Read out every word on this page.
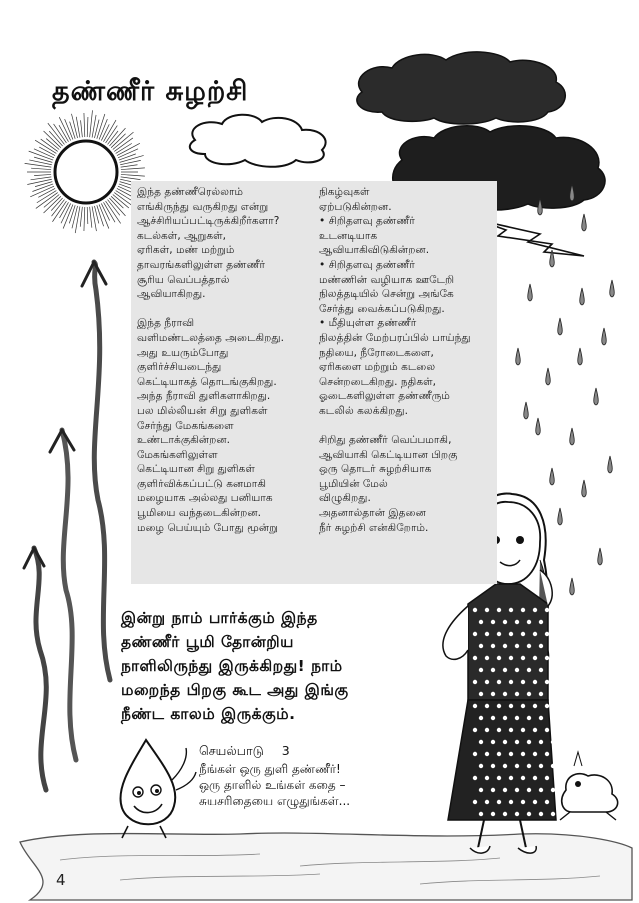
தண்ணீர் சுழற்சி

இந்த தண்ணீரெல்லாம்
எங்கிருந்து வருகிறது என்று
ஆச்சிரியப்பட்டிருக்கிறீர்களா?
கடல்கள், ஆறுகள்,
ஏரிகள், மண் மற்றும்
தாவரங்களிலுள்ள தண்ணீர்
சூரிய வெப்பத்தால்
ஆவியாகிறது.

இந்த நீராவி
வளிமண்டலத்தை அடைகிறது.
அது உயரும்போது
குளிர்ச்சியடைந்து
கெட்டியாகத் தொடங்குகிறது.
அந்த நீராவி துளிகளாகிறது.
பல மில்லியன் சிறு துளிகள்
சேர்ந்து மேகங்களை
உண்டாக்குகின்றன.
மேகங்களிலுள்ள
கெட்டியான சிறு துளிகள்
குளிர்விக்கப்பட்டு கனமாகி
மழையாக அல்லது பனியாக
பூமியை வந்தடைகின்றன.
மழை பெய்யும் போது மூன்று

நிகழ்வுகள்
ஏற்படுகின்றன.
• சிறிதளவு தண்ணீர்
உடனடியாக
ஆவியாகிவிடுகின்றன.
• சிறிதளவு தண்ணீர்
மண்ணின் வழியாக ஊடேறி
நிலத்தடியில் சென்று அங்கே
சேர்த்து வைக்கப்படுகிறது.
• மீதியுள்ள தண்ணீர்
நிலத்தின் மேற்பரப்பில் பாய்ந்து
நதியை, நீரோடைகளை,
ஏரிகளை மற்றும் கடலை
சென்றடைகிறது. நதிகள்,
ஓடைகளிலுள்ள தண்ணீரும்
கடலில் கலக்கிறது.

சிறிது தண்ணீர் வெப்பமாகி,
ஆவியாகி கெட்டியான பிறகு
ஒரு தொடர் சுழற்சியாக
பூமியின் மேல்
விழுகிறது.
அதனால்தான் இதனை
நீர் சுழற்சி என்கிறோம்.

இன்று நாம் பார்க்கும் இந்த
தண்ணீர் பூமி தோன்றிய
நாளிலிருந்து இருக்கிறது! நாம்
மறைந்த பிறகு கூட அது இங்கு
நீண்ட காலம் இருக்கும்.
செயல்பாடு 3
நீங்கள் ஒரு துளி தண்ணீர்!
ஒரு தாளில் உங்கள் கதை –
சுயசரிதையை எழுதுங்கள்...
4
